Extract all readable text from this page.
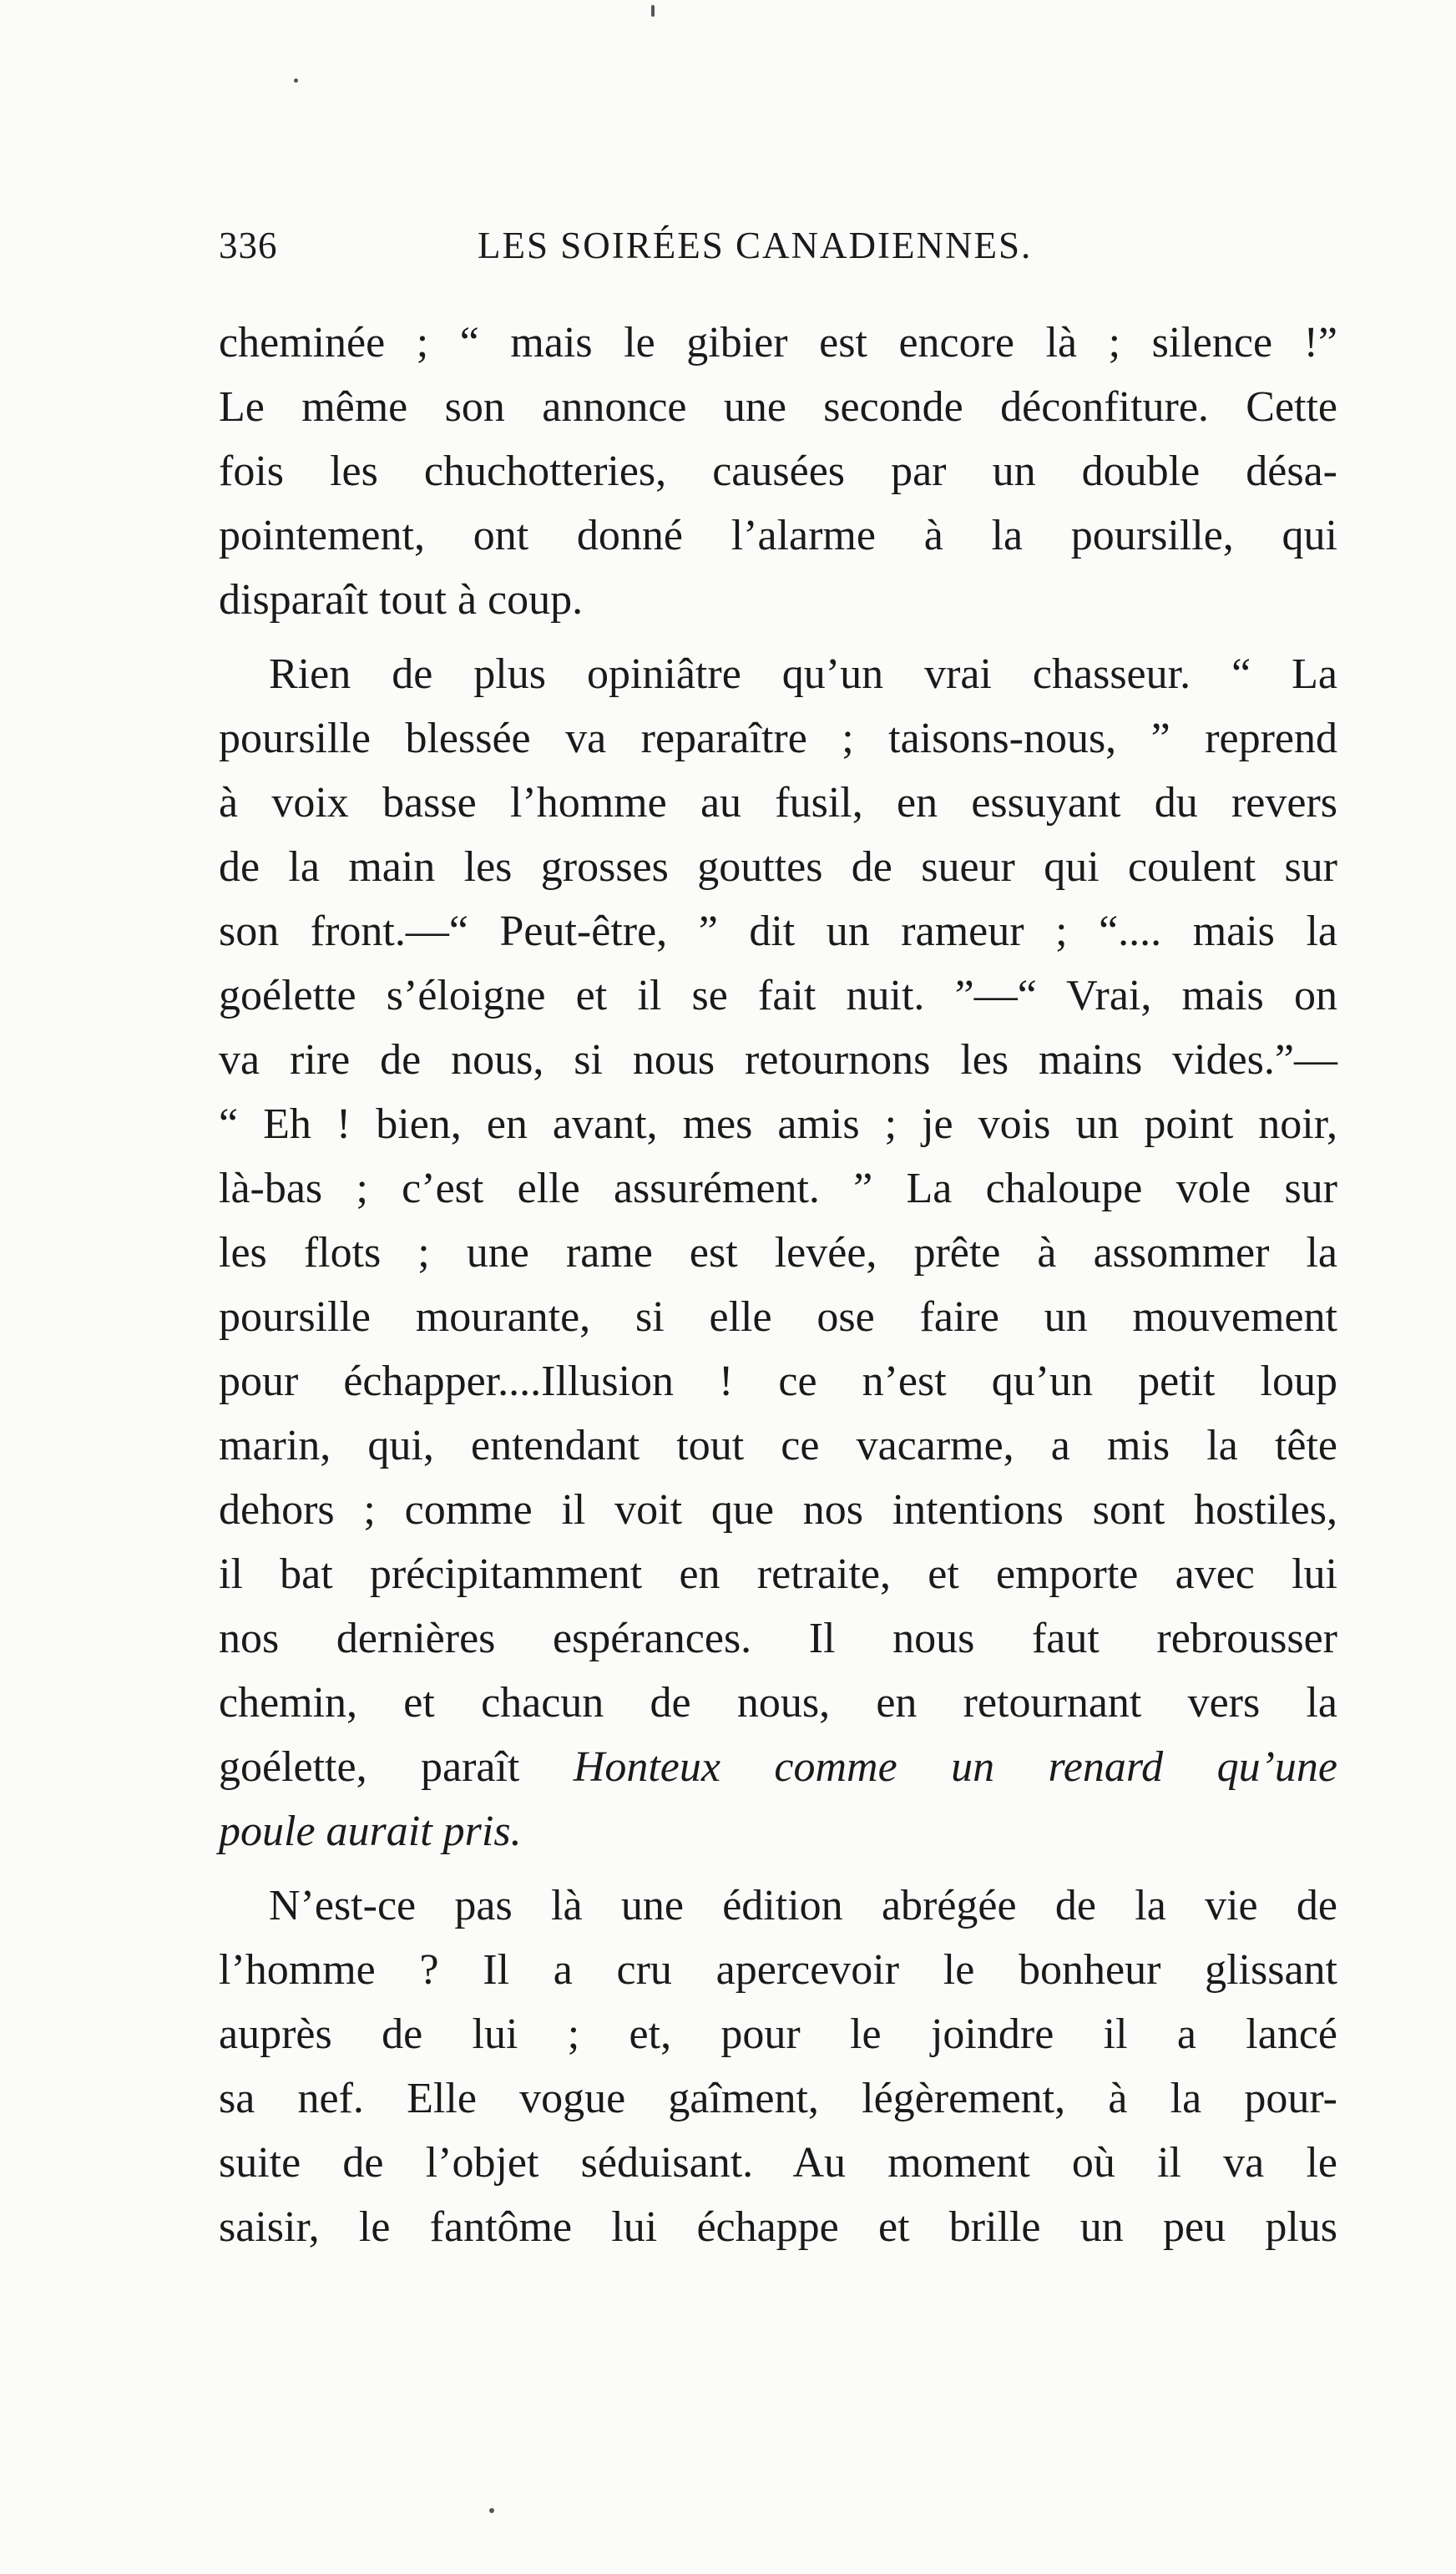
336	LES SOIRÉES CANADIENNES.
cheminée ; “ mais le gibier est encore là ; silence !”
Le même son annonce une seconde déconfiture. Cette
fois les chuchotteries, causées par un double désa-
pointement, ont donné l’alarme à la poursille, qui
disparaît tout à coup.
Rien de plus opiniâtre qu’un vrai chasseur. “ La
poursille blessée va reparaître ; taisons-nous, ” reprend
à voix basse l’homme au fusil, en essuyant du revers
de la main les grosses gouttes de sueur qui coulent sur
son front.—“ Peut-être, ” dit un rameur ; “.... mais la
goélette s’éloigne et il se fait nuit. ”—“ Vrai, mais on
va rire de nous, si nous retournons les mains vides.”—
“ Eh ! bien, en avant, mes amis ; je vois un point noir,
là-bas ; c’est elle assurément. ” La chaloupe vole sur
les flots ; une rame est levée, prête à assommer la
poursille mourante, si elle ose faire un mouvement
pour échapper....Illusion ! ce n’est qu’un petit loup
marin, qui, entendant tout ce vacarme, a mis la tête
dehors ; comme il voit que nos intentions sont hostiles,
il bat précipitamment en retraite, et emporte avec lui
nos dernières espérances. Il nous faut rebrousser
chemin, et chacun de nous, en retournant vers la
goélette, paraît Honteux comme un renard qu’une
poule aurait pris.
N’est-ce pas là une édition abrégée de la vie de
l’homme ? Il a cru apercevoir le bonheur glissant
auprès de lui ; et, pour le joindre il a lancé
sa nef. Elle vogue gaîment, légèrement, à la pour-
suite de l’objet séduisant. Au moment où il va le
saisir, le fantôme lui échappe et brille un peu plus
